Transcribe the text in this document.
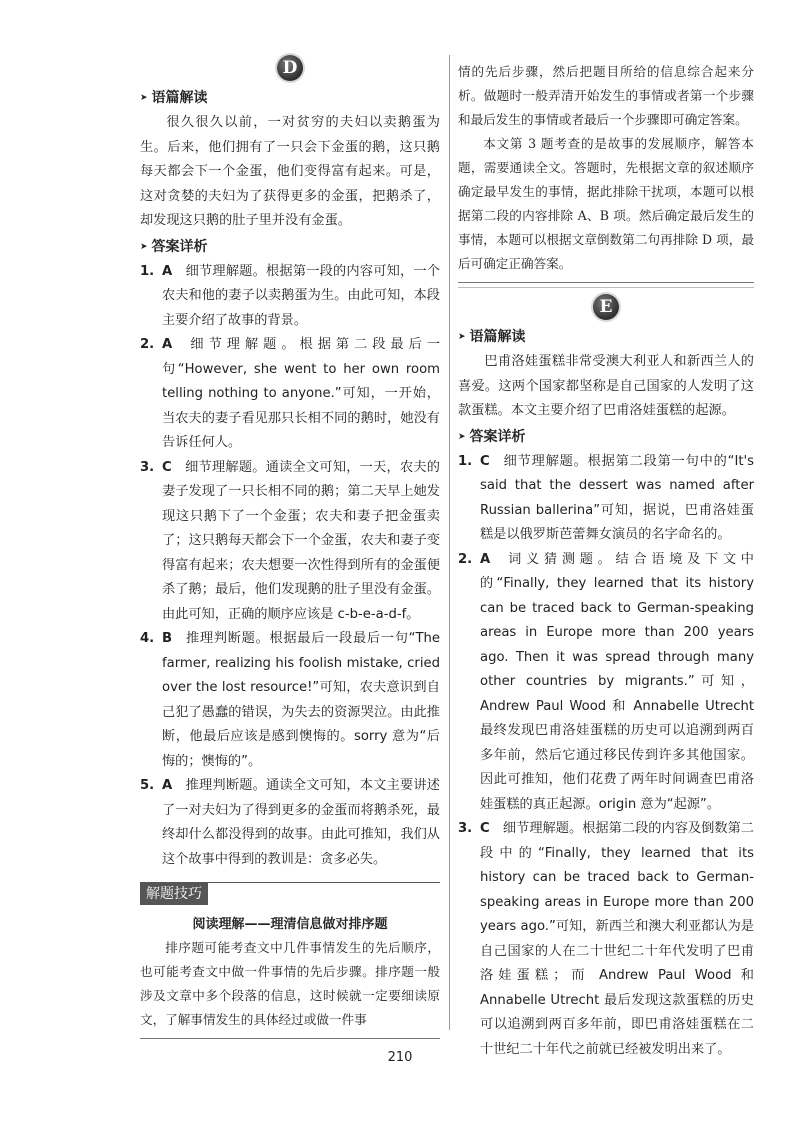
D
➤ 语篇解读

很久很久以前，一对贫穷的夫妇以卖鹅蛋为生。后来，他们拥有了一只会下金蛋的鹅，这只鹅每天都会下一个金蛋，他们变得富有起来。可是，这对贪婪的夫妇为了获得更多的金蛋，把鹅杀了，却发现这只鹅的肚子里并没有金蛋。

➤ 答案详析
1. A  细节理解题。根据第一段的内容可知，一个农夫和他的妻子以卖鹅蛋为生。由此可知，本段主要介绍了故事的背景。
2. A  细节理解题。根据第二段最后一句“However, she went to her own room telling nothing to anyone.”可知，一开始，当农夫的妻子看见那只长相不同的鹅时，她没有告诉任何人。
3. C  细节理解题。通读全文可知，一天，农夫的妻子发现了一只长相不同的鹅；第二天早上她发现这只鹅下了一个金蛋；农夫和妻子把金蛋卖了；这只鹅每天都会下一个金蛋，农夫和妻子变得富有起来；农夫想要一次性得到所有的金蛋便杀了鹅；最后，他们发现鹅的肚子里没有金蛋。由此可知，正确的顺序应该是 c-b-e-a-d-f。
4. B  推理判断题。根据最后一段最后一句“The farmer, realizing his foolish mistake, cried over the lost resource!”可知，农夫意识到自己犯了愚蠢的错误，为失去的资源哭泣。由此推断，他最后应该是感到懊悔的。sorry 意为“后悔的；懊悔的”。
5. A  推理判断题。通读全文可知，本文主要讲述了一对夫妇为了得到更多的金蛋而将鹅杀死，最终却什么都没得到的故事。由此可推知，我们从这个故事中得到的教训是：贪多必失。
解题技巧
阅读理解——理清信息做对排序题

排序题可能考查文中几件事情发生的先后顺序，也可能考查文中做一件事情的先后步骤。排序题一般涉及文章中多个段落的信息，这时候就一定要细读原文，了解事情发生的具体经过或做一件事

情的先后步骤，然后把题目所给的信息综合起来分析。做题时一般弄清开始发生的事情或者第一个步骤和最后发生的事情或者最后一个步骤即可确定答案。

本文第 3 题考查的是故事的发展顺序，解答本题，需要通读全文。答题时，先根据文章的叙述顺序确定最早发生的事情，据此排除干扰项，本题可以根据第二段的内容排除 A、B 项。然后确定最后发生的事情，本题可以根据文章倒数第二句再排除 D 项，最后可确定正确答案。

E
➤ 语篇解读

巴甫洛娃蛋糕非常受澳大利亚人和新西兰人的喜爱。这两个国家都坚称是自己国家的人发明了这款蛋糕。本文主要介绍了巴甫洛娃蛋糕的起源。

➤ 答案详析
1. C  细节理解题。根据第二段第一句中的“It's said that the dessert was named after Russian ballerina”可知，据说，巴甫洛娃蛋糕是以俄罗斯芭蕾舞女演员的名字命名的。
2. A  词义猜测题。结合语境及下文中的“Finally, they learned that its history can be traced back to German-speaking areas in Europe more than 200 years ago. Then it was spread through many other countries by migrants.”可知，Andrew Paul Wood 和 Annabelle Utrecht 最终发现巴甫洛娃蛋糕的历史可以追溯到两百多年前，然后它通过移民传到许多其他国家。因此可推知，他们花费了两年时间调查巴甫洛娃蛋糕的真正起源。origin 意为“起源”。
3. C  细节理解题。根据第二段的内容及倒数第二段中的“Finally, they learned that its history can be traced back to German-speaking areas in Europe more than 200 years ago.”可知，新西兰和澳大利亚都认为是自己国家的人在二十世纪二十年代发明了巴甫洛娃蛋糕；而 Andrew Paul Wood 和 Annabelle Utrecht 最后发现这款蛋糕的历史可以追溯到两百多年前，即巴甫洛娃蛋糕在二十世纪二十年代之前就已经被发明出来了。
210
